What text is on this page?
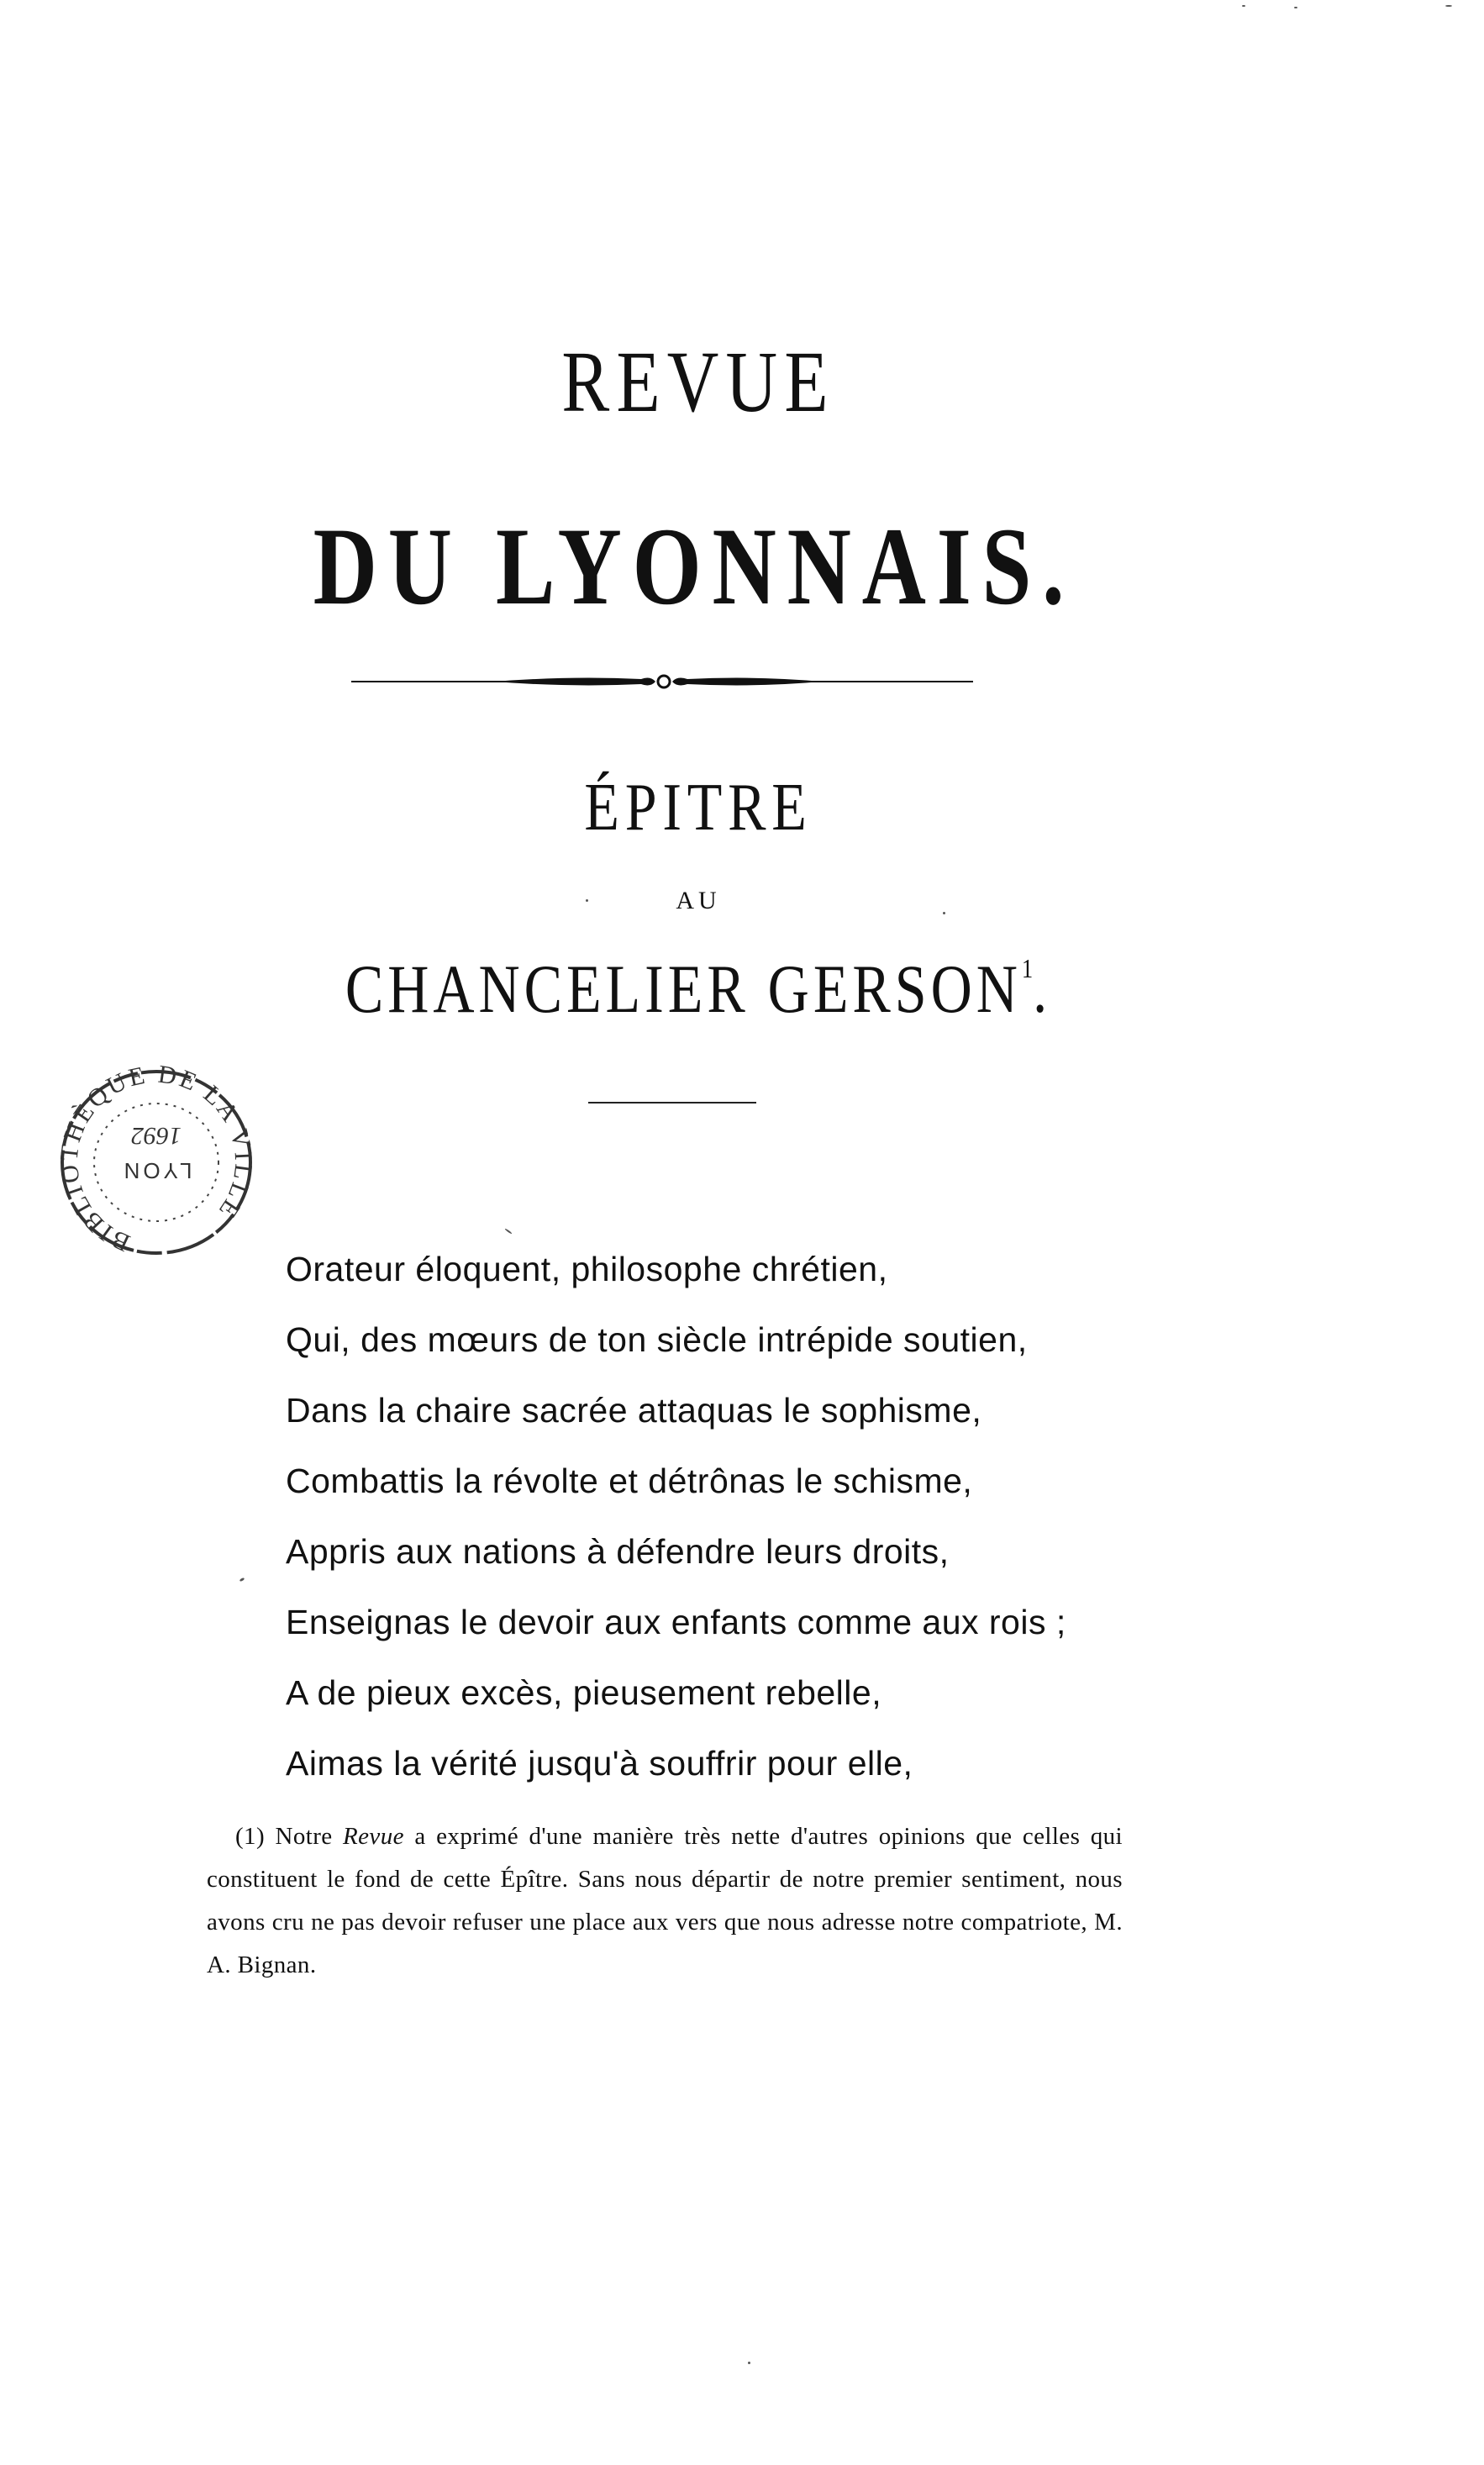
REVUE
DU LYONNAIS.
ÉPITRE
AU
CHANCELIER GERSON$^1$.
BIBLIOTHÈQUE DE LA VILLE
1692
LYON
Orateur éloquent, philosophe chrétien,
Qui, des mœurs de ton siècle intrépide soutien,
Dans la chaire sacrée attaquas le sophisme,
Combattis la révolte et détrônas le schisme,
Appris aux nations à défendre leurs droits,
Enseignas le devoir aux enfants comme aux rois ;
A de pieux excès, pieusement rebelle,
Aimas la vérité jusqu'à souffrir pour elle,
(1) Notre Revue a exprimé d'une manière très nette d'autres opinions que celles qui constituent le fond de cette Épître. Sans nous départir de notre premier sentiment, nous avons cru ne pas devoir refuser une place aux vers que nous adresse notre compatriote, M. A. Bignan.
